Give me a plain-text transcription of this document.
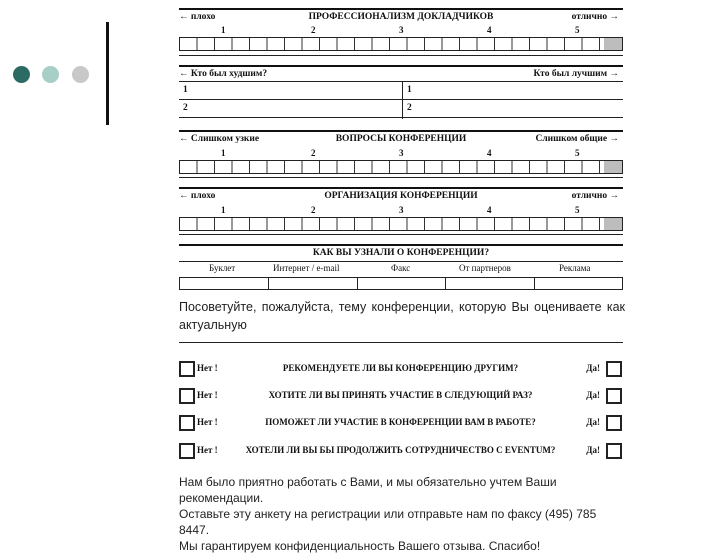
← плохо	ПРОФЕССИОНАЛИЗМ ДОКЛАДЧИКОВ	отлично →
1	2	3	4	5
← Кто был худшим?	Кто был лучшим →
1	1
2	2
← Слишком узкие	ВОПРОСЫ КОНФЕРЕНЦИИ	Слишком общие →
1	2	3	4	5
← плохо	ОРГАНИЗАЦИЯ КОНФЕРЕНЦИИ	отлично →
1	2	3	4	5
КАК ВЫ УЗНАЛИ О КОНФЕРЕНЦИИ?
Буклет	Интернет / e-mail	Факс	От партнеров	Реклама
Посоветуйте, пожалуйста, тему конференции, которую Вы оцениваете как актуальную
Нет !	РЕКОМЕНДУЕТЕ ЛИ ВЫ КОНФЕРЕНЦИЮ ДРУГИМ?	Да!
Нет !	ХОТИТЕ ЛИ ВЫ ПРИНЯТЬ УЧАСТИЕ В СЛЕДУЮЩИЙ РАЗ?	Да!
Нет !	ПОМОЖЕТ ЛИ УЧАСТИЕ В КОНФЕРЕНЦИИ ВАМ В РАБОТЕ?	Да!
Нет !	ХОТЕЛИ ЛИ ВЫ БЫ ПРОДОЛЖИТЬ СОТРУДНИЧЕСТВО С EVENTUM?	Да!
Нам было приятно работать с Вами, и мы обязательно учтем Ваши рекомендации.
Оставьте эту анкету на регистрации или отправьте нам по факсу (495) 785 8447.
Мы гарантируем конфиденциальность Вашего отзыва. Спасибо!
